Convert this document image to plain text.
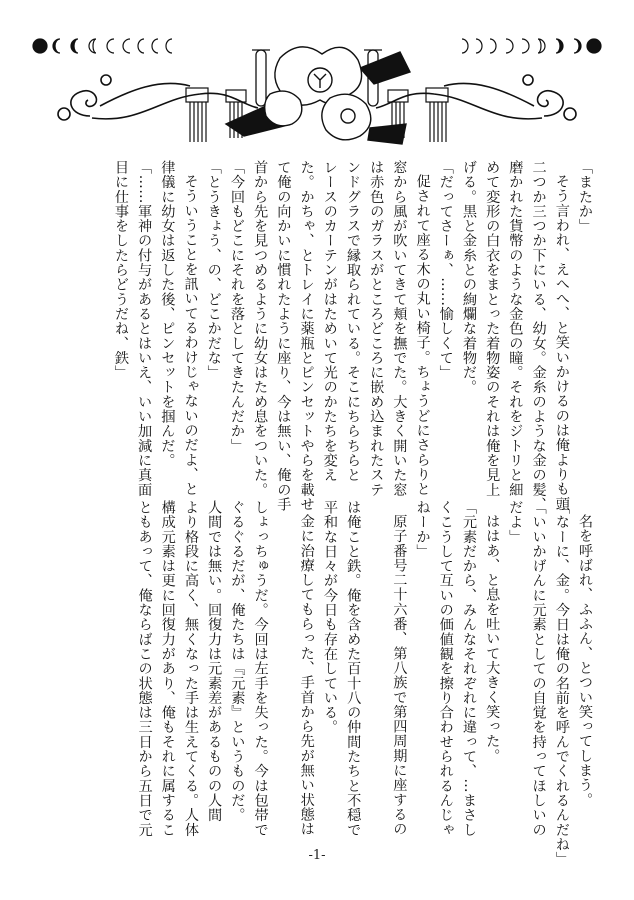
「またか」
そう言われ、えへへ、と笑いかけるのは俺よりも頭
二つか三つか下にいる、幼女。金糸のような金の髪、
磨かれた貨幣のような金色の瞳。それをジトリと細
めて変形の白衣をまとった着物姿のそれは俺を見上
げる。黒と金糸との絢爛な着物だ。
「だってさーぁ、……愉しくて」
促されて座る木の丸い椅子。ちょうどにさらりと
窓から風が吹いてきて頬を撫でた。大きく開いた窓
は赤色のガラスがところどころに嵌め込まれたステ
ンドグラスで縁取られている。そこにちらちらと
レースのカーテンがはためいて光のかたちを変え
た。かちゃ、とトレイに薬瓶とピンセットやらを載せ
て俺の向かいに慣れたように座り、今は無い、俺の手
首から先を見つめるように幼女はため息をついた。
「今回もどこにそれを落としてきたんだか」
「とうきょう、の、どこかだな」
そういうことを訊いてるわけじゃないのだよ、と
律儀に幼女は返した後、ピンセットを掴んだ。
「……軍神の付与があるとはいえ、いい加減に真面
目に仕事をしたらどうだね、鉄」
名を呼ばれ、ふふん、とつい笑ってしまう。
「なーに、金。今日は俺の名前を呼んでくれるんだね」
「いいかげんに元素としての自覚を持ってほしいの
だよ」
ははあ、と息を吐いて大きく笑った。
「元素だから、みんなそれぞれに違って、…まさし
くこうして互いの価値観を擦り合わせられるんじゃ
ねーか」
原子番号二十六番、第八族で第四周期に座するの
は俺こと鉄。俺を含めた百十八の仲間たちと不穏で
平和な日々が今日も存在している。
金に治療してもらった、手首から先が無い状態は
しょっちゅうだ。今回は左手を失った。今は包帯で
ぐるぐるだが、俺たちは『元素』というものだ。
人間では無い。回復力は元素差があるものの人間
より格段に高く、無くなった手は生えてくる。人体
構成元素は更に回復力があり、俺もそれに属するこ
ともあって、俺ならばこの状態は三日から五日で元
-1-
